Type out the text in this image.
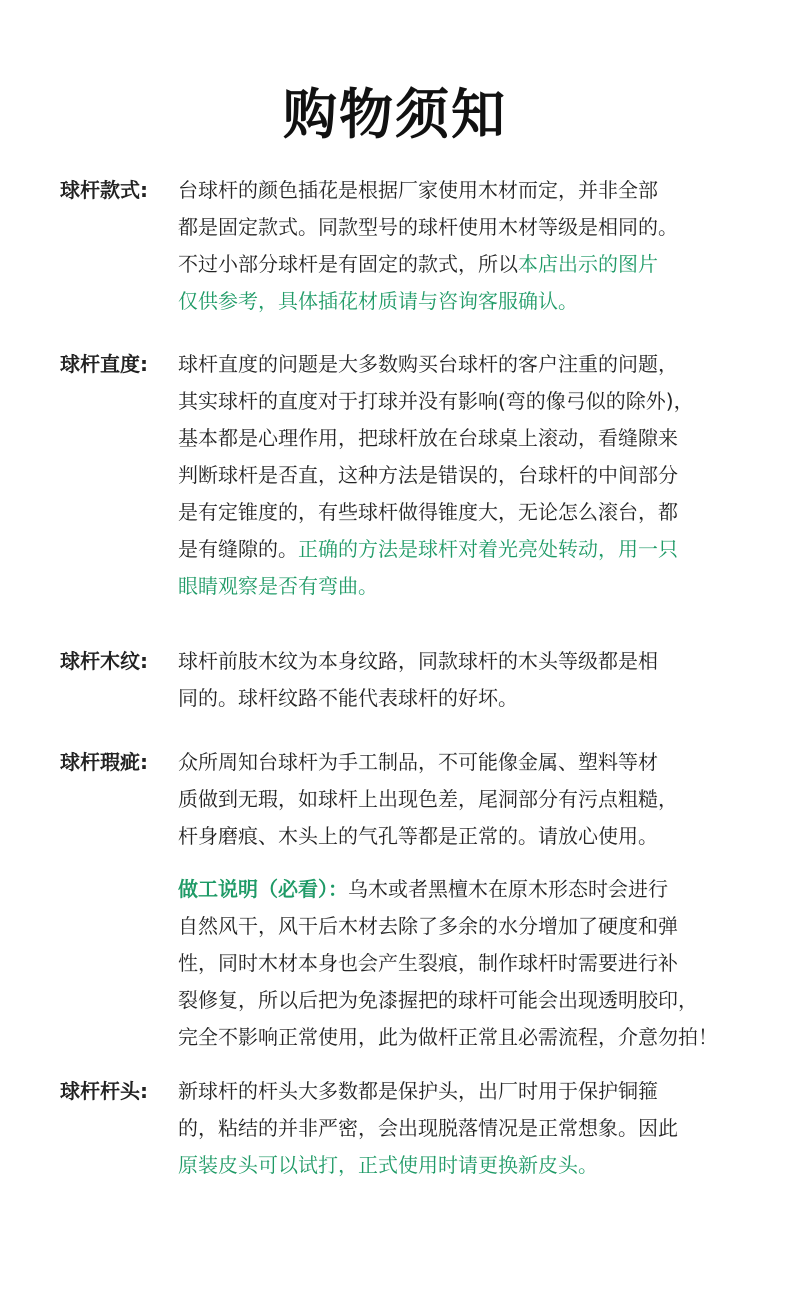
购物须知
球杆款式:	台球杆的颜色插花是根据厂家使用木材而定，并非全部
都是固定款式。同款型号的球杆使用木材等级是相同的。
不过小部分球杆是有固定的款式，所以本店出示的图片
仅供参考，具体插花材质请与咨询客服确认。
球杆直度:	球杆直度的问题是大多数购买台球杆的客户注重的问题，
其实球杆的直度对于打球并没有影响(弯的像弓似的除外)，
基本都是心理作用，把球杆放在台球桌上滚动，看缝隙来
判断球杆是否直，这种方法是错误的，台球杆的中间部分
是有定锥度的，有些球杆做得锥度大，无论怎么滚台，都
是有缝隙的。正确的方法是球杆对着光亮处转动，用一只
眼睛观察是否有弯曲。
球杆木纹:	球杆前肢木纹为本身纹路，同款球杆的木头等级都是相
同的。球杆纹路不能代表球杆的好坏。
球杆瑕疵:	众所周知台球杆为手工制品，不可能像金属、塑料等材
质做到无瑕，如球杆上出现色差，尾洞部分有污点粗糙，
杆身磨痕、木头上的气孔等都是正常的。请放心使用。
做工说明（必看）：乌木或者黑檀木在原木形态时会进行
自然风干，风干后木材去除了多余的水分增加了硬度和弹
性，同时木材本身也会产生裂痕，制作球杆时需要进行补
裂修复，所以后把为免漆握把的球杆可能会出现透明胶印，
完全不影响正常使用，此为做杆正常且必需流程，介意勿拍！
球杆杆头:	新球杆的杆头大多数都是保护头，出厂时用于保护铜箍
的，粘结的并非严密，会出现脱落情况是正常想象。因此
原装皮头可以试打，正式使用时请更换新皮头。
